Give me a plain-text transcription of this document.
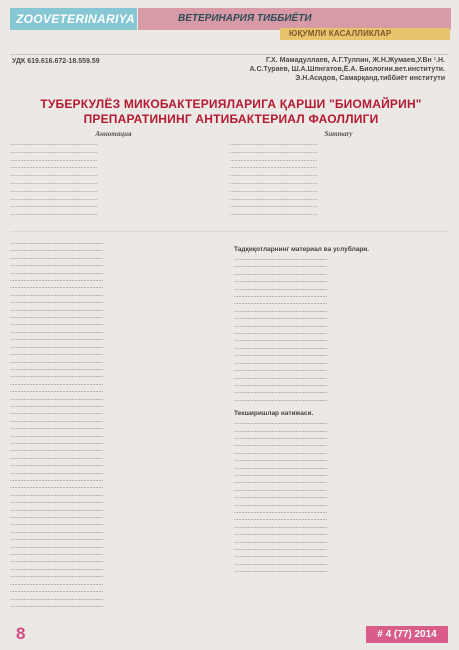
ZOOVETERINARIYA	ВЕТЕРИНАРИЯ ТИББИЁТИ
ЮҚУМЛИ КАСАЛЛИКЛАР
УДК 619.616.672-18.559.59	Г.Х. Мамадуллаев, А.Г.Тулпин, Ж.Н.Жумаев,У.Вн ¹.Н.
А.С.Тураев, Ш.А.Шпнгатов,Ё.А. Биологии.вет.институти.
Э.Н.Асидов, Самарқанд.тиббиёт институти
ТУБЕРКУЛЁЗ МИКОБАКТЕРИЯЛАРИГА ҚАРШИ "БИОМАЙРИН"
ПРЕПАРАТИНИНГ АНТИБАКТЕРИАЛ ФАОЛЛИГИ
Аннотация
..........................................................
..........................................................
..........................................................
..........................................................
..........................................................
..........................................................
..........................................................
..........................................................
..........................................................
..........................................................
Summary
..........................................................
..........................................................
..........................................................
..........................................................
..........................................................
..........................................................
..........................................................
..........................................................
..........................................................
..........................................................
..............................................................
..............................................................
..............................................................
..............................................................
..............................................................
..............................................................
..............................................................
..............................................................
..............................................................
..............................................................
..............................................................
..............................................................
..............................................................
..............................................................
..............................................................
..............................................................
..............................................................
..............................................................
..............................................................
..............................................................
..............................................................
..............................................................
..............................................................
..............................................................
..............................................................
..............................................................
..............................................................
..............................................................
..............................................................
..............................................................
..............................................................
..............................................................
..............................................................
..............................................................
..............................................................
..............................................................
..............................................................
..............................................................
..............................................................
..............................................................
..............................................................
..............................................................
..............................................................
..............................................................
..............................................................
..............................................................
..............................................................
..............................................................
..............................................................
..............................................................
Тадқиқотларнинг материал ва услублари.
..............................................................
..............................................................
..............................................................
..............................................................
..............................................................
..............................................................
..............................................................
..............................................................
..............................................................
..............................................................
..............................................................
..............................................................
..............................................................
..............................................................
..............................................................
..............................................................
..............................................................
..............................................................
..............................................................
..............................................................
Текширишлар натижаси.
..............................................................
..............................................................
..............................................................
..............................................................
..............................................................
..............................................................
..............................................................
..............................................................
..............................................................
..............................................................
..............................................................
..............................................................
..............................................................
..............................................................
..............................................................
..............................................................
..............................................................
..............................................................
..............................................................
..............................................................
..............................................................
8	# 4 (77) 2014
